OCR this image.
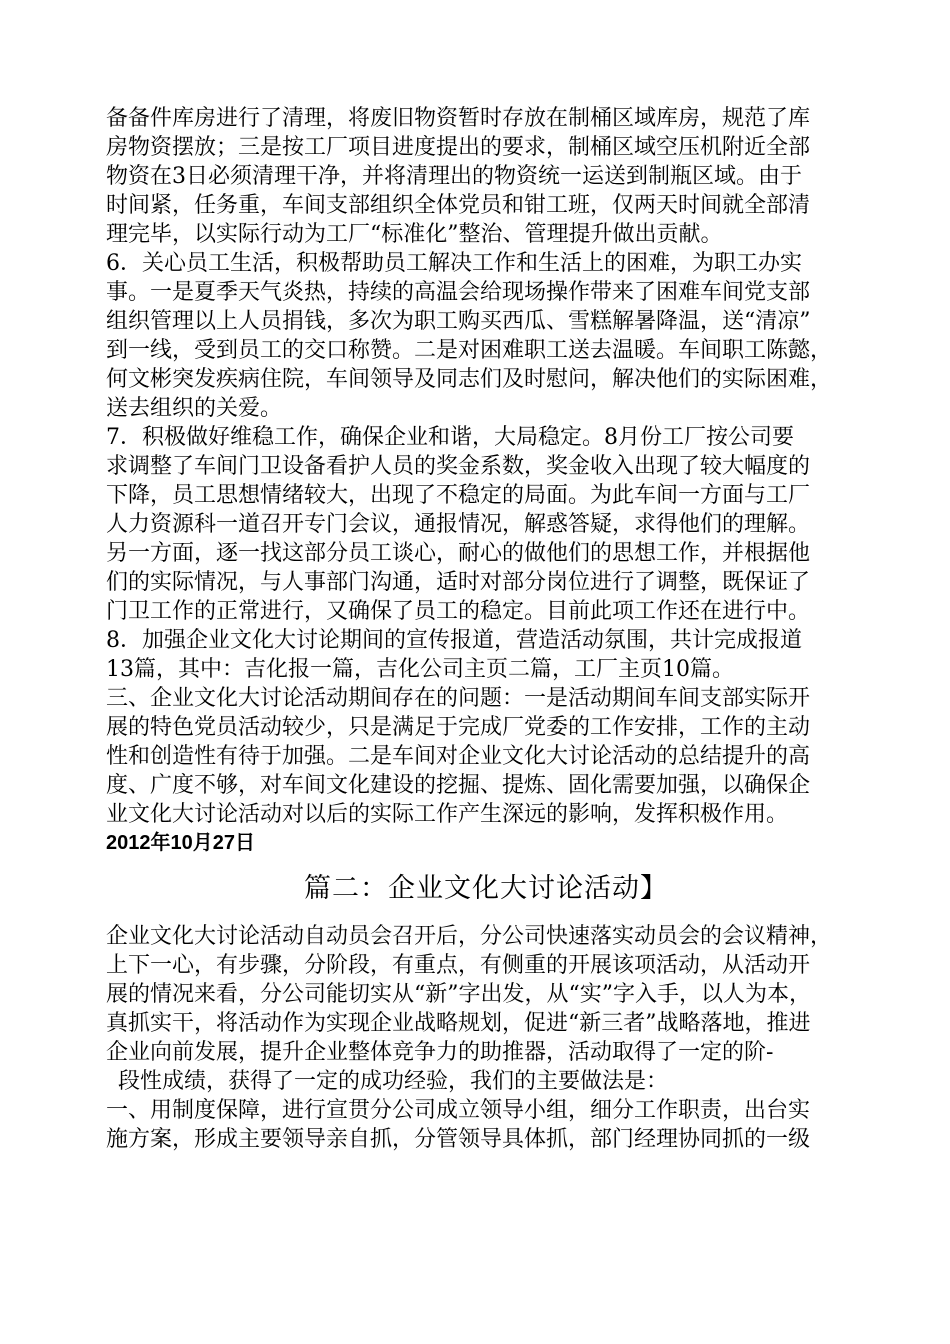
备备件库房进行了清理，将废旧物资暂时存放在制桶区域库房，规范了库
房物资摆放；三是按工厂项目进度提出的要求，制桶区域空压机附近全部
物资在3日必须清理干净，并将清理出的物资统一运送到制瓶区域。由于
时间紧，任务重，车间支部组织全体党员和钳工班，仅两天时间就全部清
理完毕，以实际行动为工厂“标准化”整治、管理提升做出贡献。
6．关心员工生活，积极帮助员工解决工作和生活上的困难，为职工办实
事。一是夏季天气炎热，持续的高温会给现场操作带来了困难车间党支部
组织管理以上人员捐钱，多次为职工购买西瓜、雪糕解暑降温，送“清凉”
到一线，受到员工的交口称赞。二是对困难职工送去温暖。车间职工陈懿，
何文彬突发疾病住院，车间领导及同志们及时慰问，解决他们的实际困难，
送去组织的关爱。
7．积极做好维稳工作，确保企业和谐，大局稳定。8月份工厂按公司要
求调整了车间门卫设备看护人员的奖金系数，奖金收入出现了较大幅度的
下降，员工思想情绪较大，出现了不稳定的局面。为此车间一方面与工厂
人力资源科一道召开专门会议，通报情况，解惑答疑，求得他们的理解。
另一方面，逐一找这部分员工谈心，耐心的做他们的思想工作，并根据他
们的实际情况，与人事部门沟通，适时对部分岗位进行了调整，既保证了
门卫工作的正常进行，又确保了员工的稳定。目前此项工作还在进行中。
8．加强企业文化大讨论期间的宣传报道，营造活动氛围，共计完成报道
13篇，其中：吉化报一篇，吉化公司主页二篇，工厂主页10篇。
三、企业文化大讨论活动期间存在的问题：一是活动期间车间支部实际开
展的特色党员活动较少，只是满足于完成厂党委的工作安排，工作的主动
性和创造性有待于加强。二是车间对企业文化大讨论活动的总结提升的高
度、广度不够，对车间文化建设的挖掘、提炼、固化需要加强，以确保企
业文化大讨论活动对以后的实际工作产生深远的影响，发挥积极作用。
2012年10月27日
篇二：企业文化大讨论活动】
企业文化大讨论活动自动员会召开后，分公司快速落实动员会的会议精神，
上下一心，有步骤，分阶段，有重点，有侧重的开展该项活动，从活动开
展的情况来看，分公司能切实从“新”字出发，从“实”字入手，以人为本，
真抓实干，将活动作为实现企业战略规划，促进“新三者”战略落地，推进
企业向前发展，提升企业整体竞争力的助推器，活动取得了一定的阶-
段性成绩，获得了一定的成功经验，我们的主要做法是：
一、用制度保障，进行宣贯分公司成立领导小组，细分工作职责，出台实
施方案，形成主要领导亲自抓，分管领导具体抓，部门经理协同抓的一级
